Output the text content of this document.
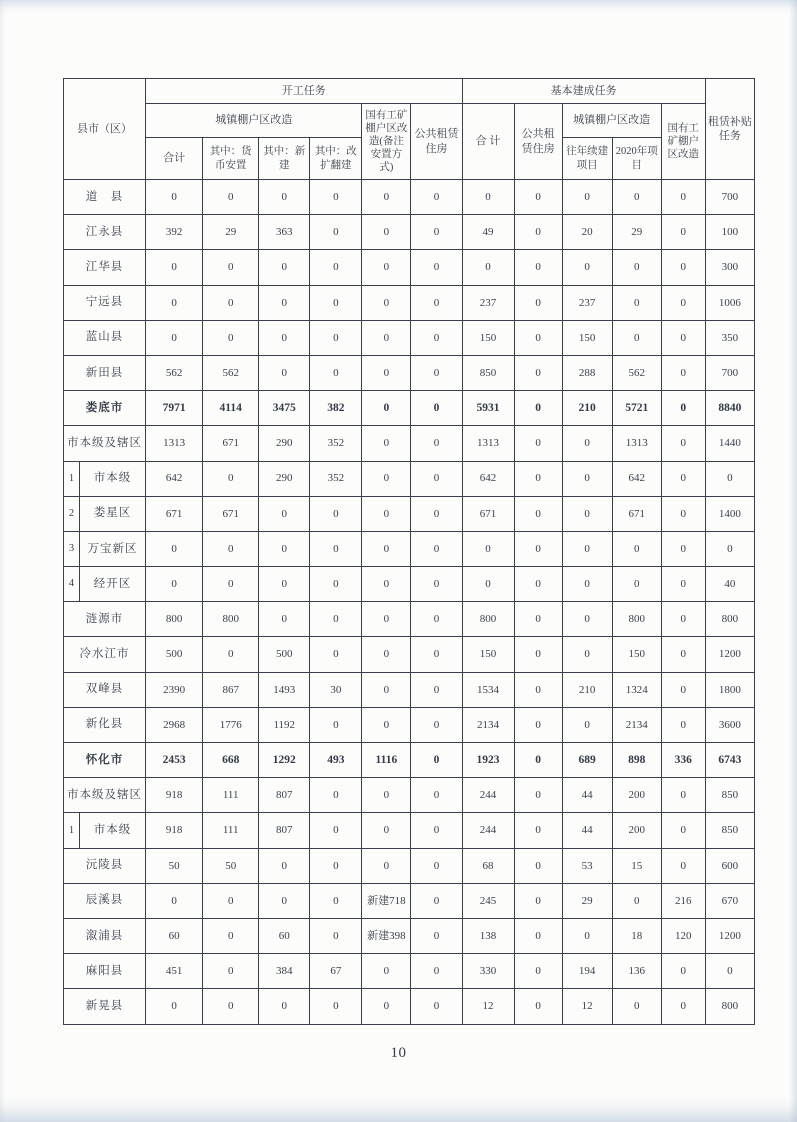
县市（区）		开工任务						基本建成任务					租赁补贴任务
		城镇棚户区改造				国有工矿棚户区改造(备注安置方式)	公共租赁住房	合 计	公共租赁住房	城镇棚户区改造		国有工矿棚户区改造	
		合计	其中：货币安置	其中：新 建	其中：改扩翻建					往年续建项目	2020年项目		
道　县		0	0	0	0	0	0	0	0	0	0	0	700
江永县		392	29	363	0	0	0	49	0	20	29	0	100
江华县		0	0	0	0	0	0	0	0	0	0	0	300
宁远县		0	0	0	0	0	0	237	0	237	0	0	1006
蓝山县		0	0	0	0	0	0	150	0	150	0	0	350
新田县		562	562	0	0	0	0	850	0	288	562	0	700
娄底市		7971	4114	3475	382	0	0	5931	0	210	5721	0	8840
市本级及辖区		1313	671	290	352	0	0	1313	0	0	1313	0	1440
1	市本级	642	0	290	352	0	0	642	0	0	642	0	0
2	娄星区	671	671	0	0	0	0	671	0	0	671	0	1400
3	万宝新区	0	0	0	0	0	0	0	0	0	0	0	0
4	经开区	0	0	0	0	0	0	0	0	0	0	0	40
涟源市		800	800	0	0	0	0	800	0	0	800	0	800
冷水江市		500	0	500	0	0	0	150	0	0	150	0	1200
双峰县		2390	867	1493	30	0	0	1534	0	210	1324	0	1800
新化县		2968	1776	1192	0	0	0	2134	0	0	2134	0	3600
怀化市		2453	668	1292	493	1116	0	1923	0	689	898	336	6743
市本级及辖区		918	111	807	0	0	0	244	0	44	200	0	850
1	市本级	918	111	807	0	0	0	244	0	44	200	0	850
沅陵县		50	50	0	0	0	0	68	0	53	15	0	600
辰溪县		0	0	0	0	新建718	0	245	0	29	0	216	670
溆浦县		60	0	60	0	新建398	0	138	0	0	18	120	1200
麻阳县		451	0	384	67	0	0	330	0	194	136	0	0
新晃县		0	0	0	0	0	0	12	0	12	0	0	800
10
